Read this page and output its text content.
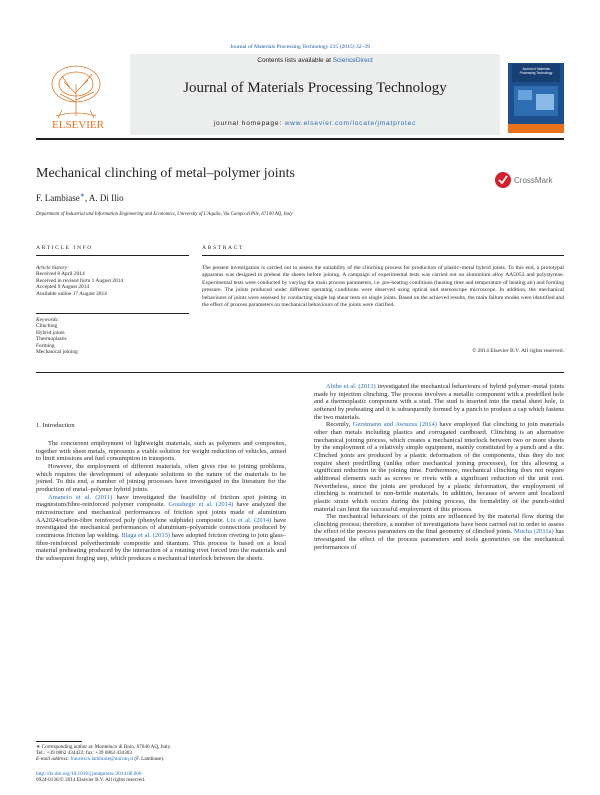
Journal of Materials Processing Technology 215 (2015) 32–39
ELSEVIER
Contents lists available at ScienceDirect
Journal of Materials Processing Technology
journal homepage: www.elsevier.com/locate/jmatprotec
Journal of Materials
Processing Technology
Mechanical clinching of metal–polymer joints	CrossMark
F. Lambiase∗, A. Di Ilio
Department of Industrial and Information Engineering and Economics, University of L'Aquila, Via Campo di Pile, 67100 AQ, Italy
ARTICLE INFO	ABSTRACT
Article history:
Received 8 April 2014
Received in revised form 1 August 2014
Accepted 9 August 2014
Available online 17 August 2014
Keywords:
Clinching
Hybrid joints
Thermoplastic
Forming
Mechanical joining
The present investigation is carried out to assess the suitability of the clinching process for production of plastic–metal hybrid joints. To this end, a prototypal apparatus was designed to preheat the sheets before joining. A campaign of experimental tests was carried out on aluminium alloy AA5053 and polystyrene. Experimental tests were conducted by varying the main process parameters, i.e. pre-heating conditions (heating time and temperature of heating air) and forming pressure. The joints produced under different operating conditions were observed using optical and stereoscope microscope. In addition, the mechanical behaviours of joints were assessed by conducting single lap shear tests on single joints. Based on the achieved results, the main failure modes were identified and the effect of process parameters on mechanical behaviours of the joints were clarified.
© 2014 Elsevier B.V. All rights reserved.
1. Introduction

The concurrent employment of lightweight materials, such as polymers and composites, together with sheet metals, represents a viable solution for weight reduction of vehicles, aimed to limit emissions and fuel consumption in transports.

However, the employment of different materials, often gives rise to joining problems, which requires the development of adequate solutions to the nature of the materials to be joined. To this end, a number of joining processes have investigated in the literature for the production of metal–polymer hybrid joints.

Amancio et al. (2011) have investigated the feasibility of friction spot joining in magnesium/fibre-reinforced polymer composite. Goushegir et al. (2014) have analyzed the microstructure and mechanical performances of friction spot joints made of aluminium AA2024/carbon-fibre reinforced poly (phenylene sulphide) composite. Liu et al. (2014) have investigated the mechanical performances of aluminium–polyamide connections produced by continuous friction lap welding. Blaga et al. (2013) have adopted friction riveting to join glass–fibre-reinforced polyetherimide composite and titanium. This process is based on a local material preheating produced by the interaction of a rotating rivet forced into the materials and the subsequent forging step, which produces a mechanical interlock between the sheets.

Abibe et al. (2013) investigated the mechanical behaviours of hybrid polymer–metal joints made by injection clinching. The process involves a metallic component with a predrilled hole and a thermoplastic component with a stud. The stud is inserted into the metal sheet hole, is softened by preheating and it is subsequently formed by a punch to produce a cap which fastens the two materials.

Recently, Gerstmann and Awiszus (2014) have employed flat clinching to join materials other than metals including plastics and corrugated cardboard. Clinching is an alternative mechanical joining process, which creates a mechanical interlock between two or more sheets by the employment of a relatively simple equipment, mainly constituted by a punch and a die. Clinched joints are produced by a plastic deformation of the components, thus they do not require sheet predrilling (unlike other mechanical joining processes), for this allowing a significant reduction in the joining time. Furthermore, mechanical clinching does not require additional elements such as screws or rivets with a significant reduction of the unit cost. Nevertheless, since the joints are produced by a plastic deformation, the employment of clinching is restricted to non-brittle materials. In addition, because of severe and localized plastic strain which occurs during the joining process, the formability of the punch-sided material can limit the successful employment of this process.

The mechanical behaviours of the joints are influenced by the material flow during the clinching process; therefore, a number of investigations have been carried out in order to assess the effect of the process parameters on the final geometry of clinched joints. Mucha (2011a) has investigated the effect of the process parameters and tools geometries on the mechanical performances of

∗ Corresponding author at: Monteluco di Roio, 67040 AQ, Italy.
Tel.: +39 0862 434422; fax: +39 0862 434303.
E-mail address: francesco.lambiase@univaq.it (F. Lambiase).
http://dx.doi.org/10.1016/j.jmatprotec.2014.08.006
0924-0136/© 2014 Elsevier B.V. All rights reserved.
